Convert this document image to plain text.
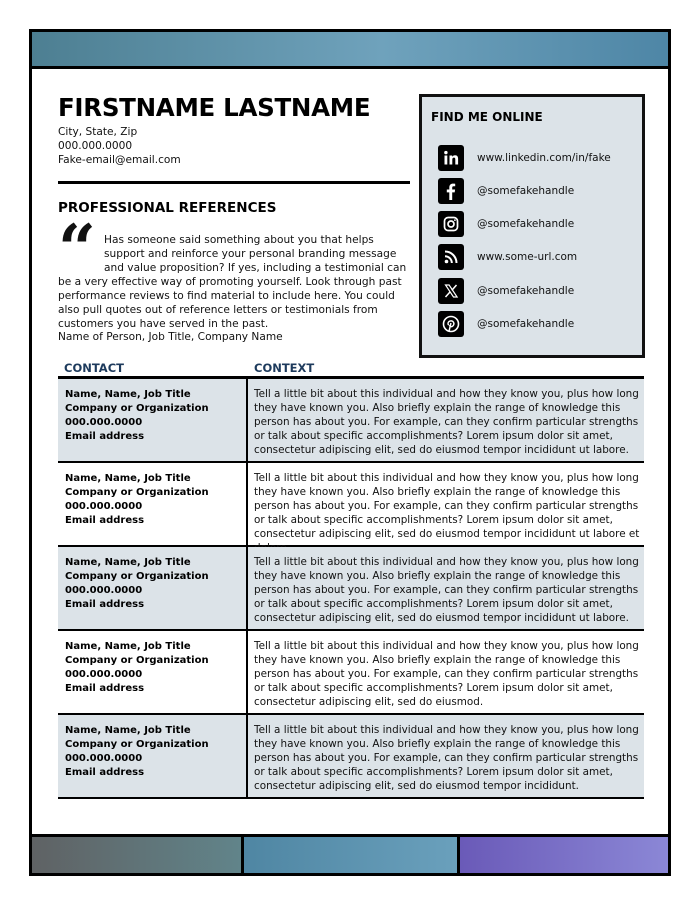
FIRSTNAME LASTNAME
City, State, Zip
000.000.0000
Fake-email@email.com
PROFESSIONAL REFERENCES
“ Has someone said something about you that helps support and reinforce your personal branding message and value proposition? If yes, including a testimonial can be a very effective way of promoting yourself. Look through past performance reviews to find material to include here. You could also pull quotes out of reference letters or testimonials from customers you have served in the past.
Name of Person, Job Title, Company Name
FIND ME ONLINE
www.linkedin.com/in/fake
@somefakehandle
@somefakehandle
www.some-url.com
@somefakehandle
@somefakehandle
CONTACT	CONTEXT
Name, Name, Job Title
Company or Organization
000.000.0000
Email address
Tell a little bit about this individual and how they know you, plus how long they have known you. Also briefly explain the range of knowledge this person has about you. For example, can they confirm particular strengths or talk about specific accomplishments? Lorem ipsum dolor sit amet, consectetur adipiscing elit, sed do eiusmod tempor incididunt ut labore.
Name, Name, Job Title
Company or Organization
000.000.0000
Email address
Tell a little bit about this individual and how they know you, plus how long they have known you. Also briefly explain the range of knowledge this person has about you. For example, can they confirm particular strengths or talk about specific accomplishments? Lorem ipsum dolor sit amet, consectetur adipiscing elit, sed do eiusmod tempor incididunt ut labore et
Name, Name, Job Title
Company or Organization
000.000.0000
Email address
Tell a little bit about this individual and how they know you, plus how long they have known you. Also briefly explain the range of knowledge this person has about you. For example, can they confirm particular strengths or talk about specific accomplishments? Lorem ipsum dolor sit amet, consectetur adipiscing elit, sed do eiusmod tempor incididunt ut labore.
Name, Name, Job Title
Company or Organization
000.000.0000
Email address
Tell a little bit about this individual and how they know you, plus how long they have known you. Also briefly explain the range of knowledge this person has about you. For example, can they confirm particular strengths or talk about specific accomplishments? Lorem ipsum dolor sit amet, consectetur adipiscing elit, sed do eiusmod.
Name, Name, Job Title
Company or Organization
000.000.0000
Email address
Tell a little bit about this individual and how they know you, plus how long they have known you. Also briefly explain the range of knowledge this person has about you. For example, can they confirm particular strengths or talk about specific accomplishments? Lorem ipsum dolor sit amet, consectetur adipiscing elit, sed do eiusmod tempor incididunt.
